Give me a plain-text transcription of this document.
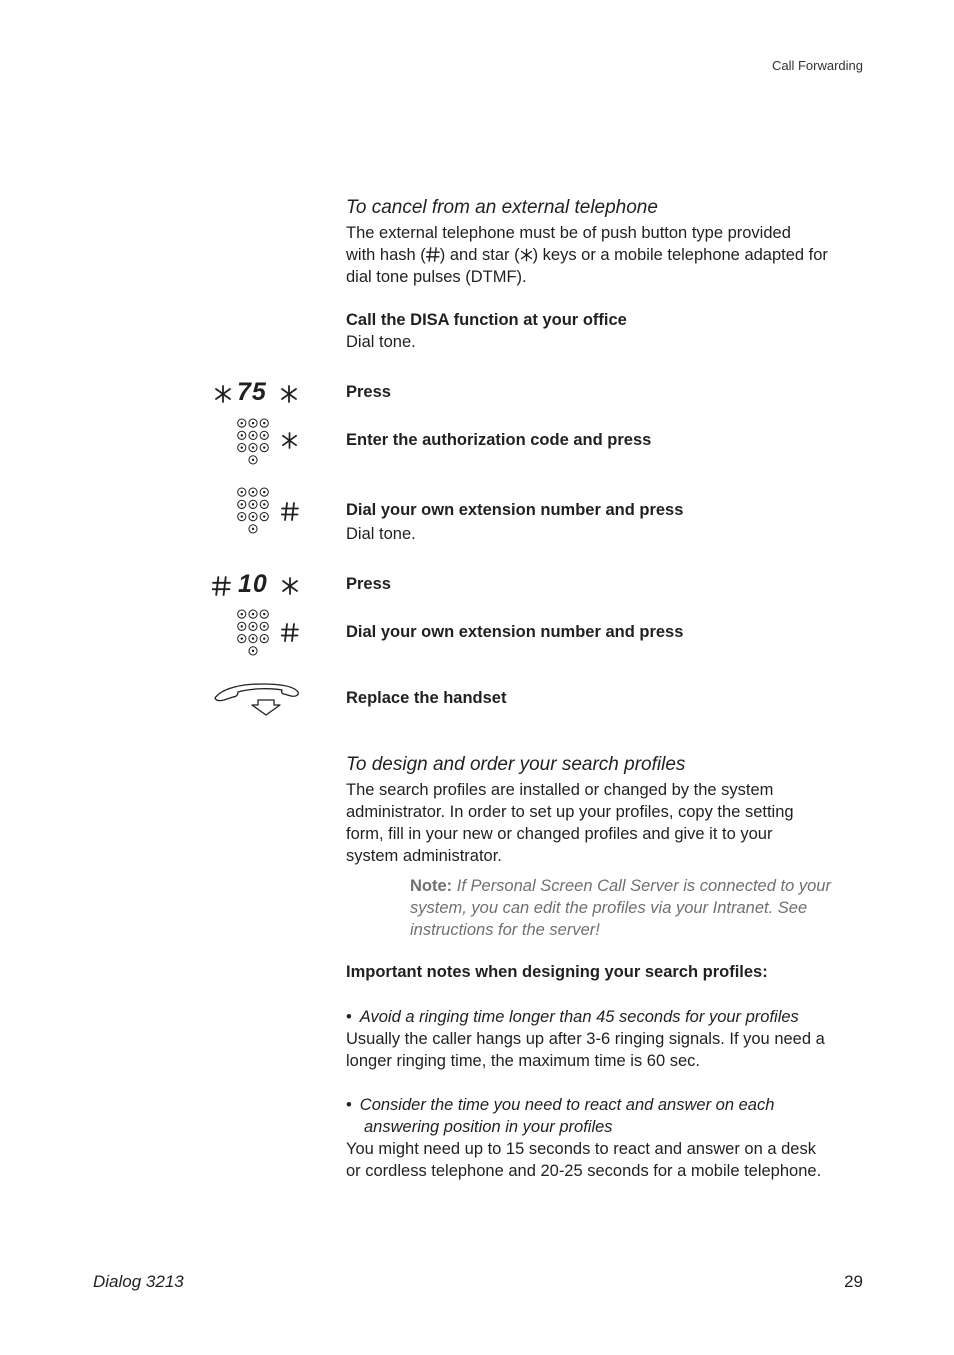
Call Forwarding
To cancel from an external telephone
The external telephone must be of push button type provided
with hash ( ) and star ( ) keys or a mobile telephone adapted for
dial tone pulses (DTMF).
Call the DISA function at your office
Dial tone.
75	Press
Enter the authorization code and press
Dial your own extension number and press
Dial tone.
10	Press
Dial your own extension number and press
Replace the handset
To design and order your search profiles
The search profiles are installed or changed by the system
administrator. In order to set up your profiles, copy the setting
form, fill in your new or changed profiles and give it to your
system administrator.
Note: If Personal Screen Call Server is connected to your
system, you can edit the profiles via your Intranet. See
instructions for the server!
Important notes when designing your search profiles:
• Avoid a ringing time longer than 45 seconds for your profiles
Usually the caller hangs up after 3-6 ringing signals. If you need a
longer ringing time, the maximum time is 60 sec.
• Consider the time you need to react and answer on each
answering position in your profiles
You might need up to 15 seconds to react and answer on a desk
or cordless telephone and 20-25 seconds for a mobile telephone.
Dialog 3213	29
